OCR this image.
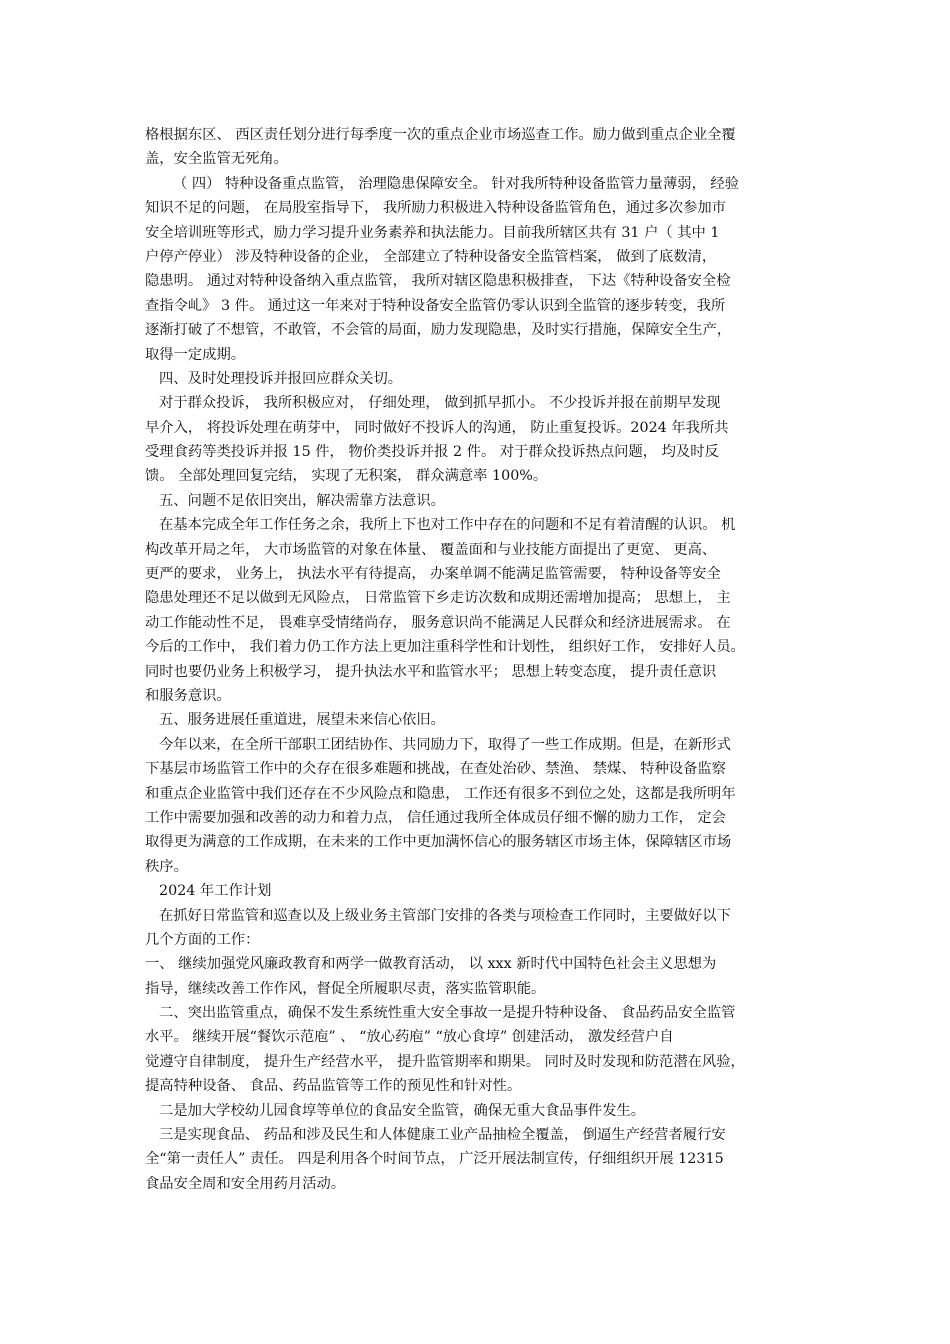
格根据东区、 西区责任划分进行每季度一次的重点企业市场巡查工作。励力做到重点企业全覆

盖，安全监管无死角。

（ 四） 特种设备重点监管， 治理隐患保障安全。 针对我所特种设备监管力量薄弱， 经验

知识不足的问题， 在局股室指导下， 我所励力积极进入特种设备监管角色，通过多次参加市

安全培训班等形式，励力学习提升业务素养和执法能力。目前我所辖区共有 31 户（ 其中 1

户停产停业） 涉及特种设备的企业， 全部建立了特种设备安全监管档案， 做到了底数清，

隐患明。 通过对特种设备纳入重点监管， 我所对辖区隐患积极排查， 下达《特种设备安全检

查指令乢》 3 件。 通过这一年来对于特种设备安全监管仍零认识到全监管的逐步转变，我所

逐渐打破了不想管，不敢管，不会管的局面，励力发现隐患，及时实行措施，保障安全生产，

取得一定成期。

四、及时处理投诉并报回应群众关切。

对于群众投诉， 我所积极应对， 仔细处理， 做到抓早抓小。 不少投诉并报在前期早发现

早介入， 将投诉处理在萌芽中， 同时做好不投诉人的沟通， 防止重复投诉。2024 年我所共

受理食药等类投诉并报 15 件， 物价类投诉并报 2 件。 对于群众投诉热点问题， 均及时反

馈。 全部处理回复完结， 实现了无积案， 群众满意率 100%。

五、问题不足依旧突出，解决需靠方法意识。

在基本完成全年工作任务之余，我所上下也对工作中存在的问题和不足有着清醒的认识。 机

构改革开局之年， 大市场监管的对象在体量、 覆盖面和与业技能方面提出了更宽、 更高、

更严的要求， 业务上， 执法水平有待提高， 办案单调不能满足监管需要， 特种设备等安全

隐患处理还不足以做到无风险点， 日常监管下乡走访次数和成期还需增加提高； 思想上， 主

动工作能动性不足， 畏难享受情绪尚存， 服务意识尚不能满足人民群众和经济进展需求。 在

今后的工作中， 我们着力仍工作方法上更加注重科学性和计划性， 组织好工作， 安排好人员。

同时也要仍业务上积极学习， 提升执法水平和监管水平； 思想上转变态度， 提升责任意识

和服务意识。

五、服务进展任重道进，展望未来信心依旧。

今年以来，在全所干部职工团结协作、共同励力下，取得了一些工作成期。但是，在新形式

下基层市场监管工作中的仌存在很多难题和挑战，在查处治砂、禁渔、 禁煤、 特种设备监察

和重点企业监管中我们还存在不少风险点和隐患， 工作还有很多不到位之处，这都是我所明年

工作中需要加强和改善的动力和着力点， 信任通过我所全体成员仔细不懈的励力工作， 定会

取得更为满意的工作成期，在未来的工作中更加满怀信心的服务辖区市场主体，保障辖区市场

秩序。

2024 年工作计划

在抓好日常监管和巡查以及上级业务主管部门安排的各类与项检查工作同时，主要做好以下

几个方面的工作：

一、 继续加强党风廉政教育和两学一做教育活动， 以 xxx 新时代中国特色社会主义思想为

指导，继续改善工作作风，督促全所履职尽责，落实监管职能。

二、突出监管重点，确保不发生系统性重大安全事故一是提升特种设备、 食品药品安全监管

水平。 继续开展“餐饮示范庖” 、 “放心药庖” “放心食埻” 创建活动， 激发经营户自

觉遵守自律制度， 提升生产经营水平， 提升监管期率和期果。 同时及时发现和防范潜在风验，

提高特种设备、 食品、药品监管等工作的预见性和针对性。

二是加大学校幼儿园食埻等单位的食品安全监管，确保无重大食品事件发生。

三是实现食品、 药品和涉及民生和人体健康工业产品抽检全覆盖， 倒逼生产经营者履行安

全“第一责任人” 责任。 四是利用各个时间节点， 广泛开展法制宣传，仔细组织开展 12315

食品安全周和安全用药月活动。
